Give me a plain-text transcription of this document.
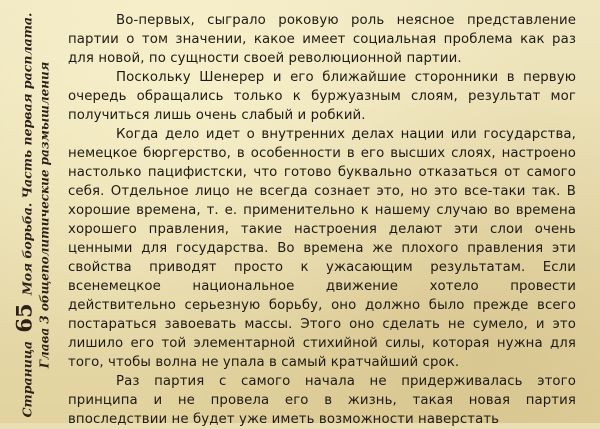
Страница 65 Моя борьба. Часть первая расплата. Глава 3 общеполитические размышления

Во-первых, сыграло роковую роль неясное представление партии о том значении, какое имеет социальная проблема как раз для новой, по сущности своей революционной партии.

Поскольку Шенерер и его ближайшие сторонники в первую очередь обращались только к буржуазным слоям, результат мог получиться лишь очень слабый и робкий.

Когда дело идет о внутренних делах нации или государства, немецкое бюргерство, в особенности в его высших слоях, настроено настолько пацифистски, что готово буквально отказаться от самого себя. Отдельное лицо не всегда сознает это, но это все-таки так. В хорошие времена, т. е. применительно к нашему случаю во времена хорошего правления, такие настроения делают эти слои очень ценными для государства. Во времена же плохого правления эти свойства приводят просто к ужасающим результатам. Если всенемецкое национальное движение хотело провести действительно серьезную борьбу, оно должно было прежде всего постараться завоевать массы. Этого оно сделать не сумело, и это лишило его той элементарной стихийной силы, которая нужна для того, чтобы волна не упала в самый кратчайший срок.

Раз партия с самого начала не придерживалась этого принципа и не провела его в жизнь, такая новая партия впоследствии не будет уже иметь возможности наверстать
